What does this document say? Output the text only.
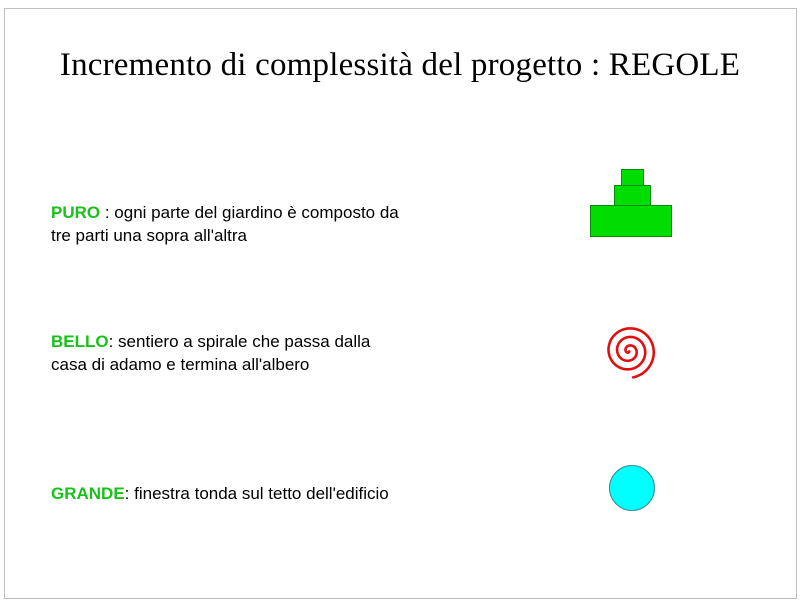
Incremento di complessità del progetto : REGOLE
PURO : ogni parte del giardino è composto da
tre parti una sopra all'altra
BELLO: sentiero a spirale che passa dalla
casa di adamo e termina all'albero
GRANDE: finestra tonda sul tetto dell'edificio
